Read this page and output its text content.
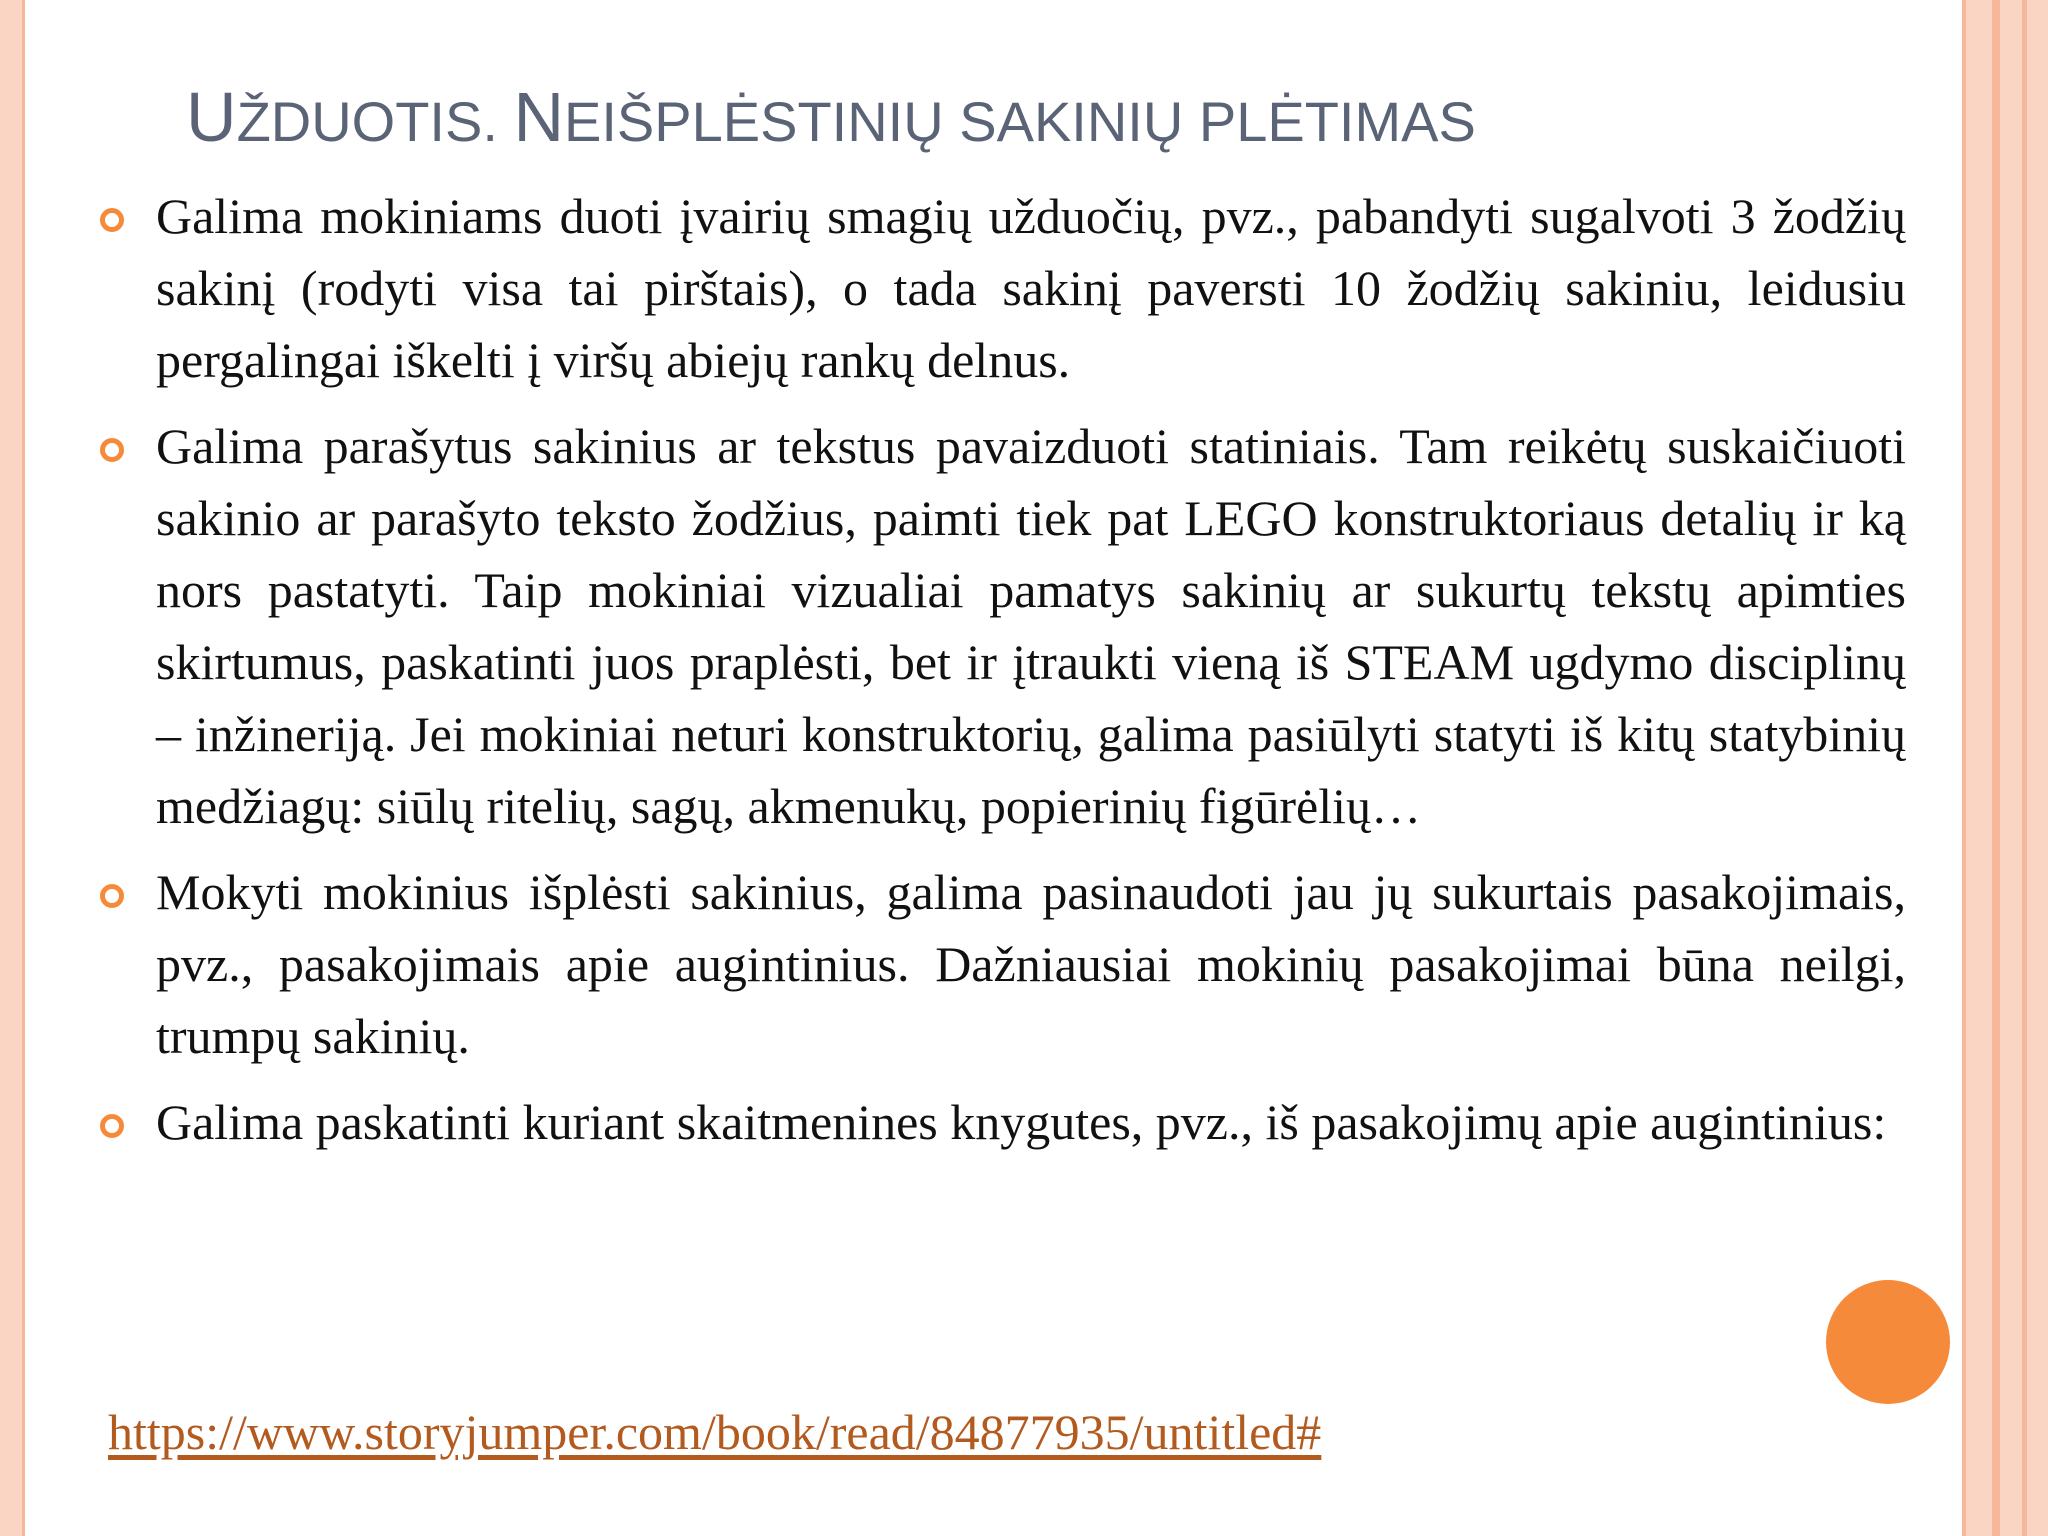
UŽDUOTIS. NEIŠPLĖSTINIŲ SAKINIŲ PLĖTIMAS
Galima mokiniams duoti įvairių smagių užduočių, pvz., pabandyti sugalvoti 3 žodžių sakinį (rodyti visa tai pirštais), o tada sakinį paversti 10 žodžių sakiniu, leidusiu pergalingai iškelti į viršų abiejų rankų delnus.
Galima parašytus sakinius ar tekstus pavaizduoti statiniais. Tam reikėtų suskaičiuoti sakinio ar parašyto teksto žodžius, paimti tiek pat LEGO konstruktoriaus detalių ir ką nors pastatyti. Taip mokiniai vizualiai pamatys sakinių ar sukurtų tekstų apimties skirtumus, paskatinti juos praplėsti, bet ir įtraukti vieną iš STEAM ugdymo disciplinų – inžineriją. Jei mokiniai neturi konstruktorių, galima pasiūlyti statyti iš kitų statybinių medžiagų: siūlų ritelių, sagų, akmenukų, popierinių figūrėlių…
Mokyti mokinius išplėsti sakinius, galima pasinaudoti jau jų sukurtais pasakojimais, pvz., pasakojimais apie augintinius. Dažniausiai mokinių pasakojimai būna neilgi, trumpų sakinių.
Galima paskatinti kuriant skaitmenines knygutes, pvz., iš pasakojimų apie augintinius:
https://www.storyjumper.com/book/read/84877935/untitled#
